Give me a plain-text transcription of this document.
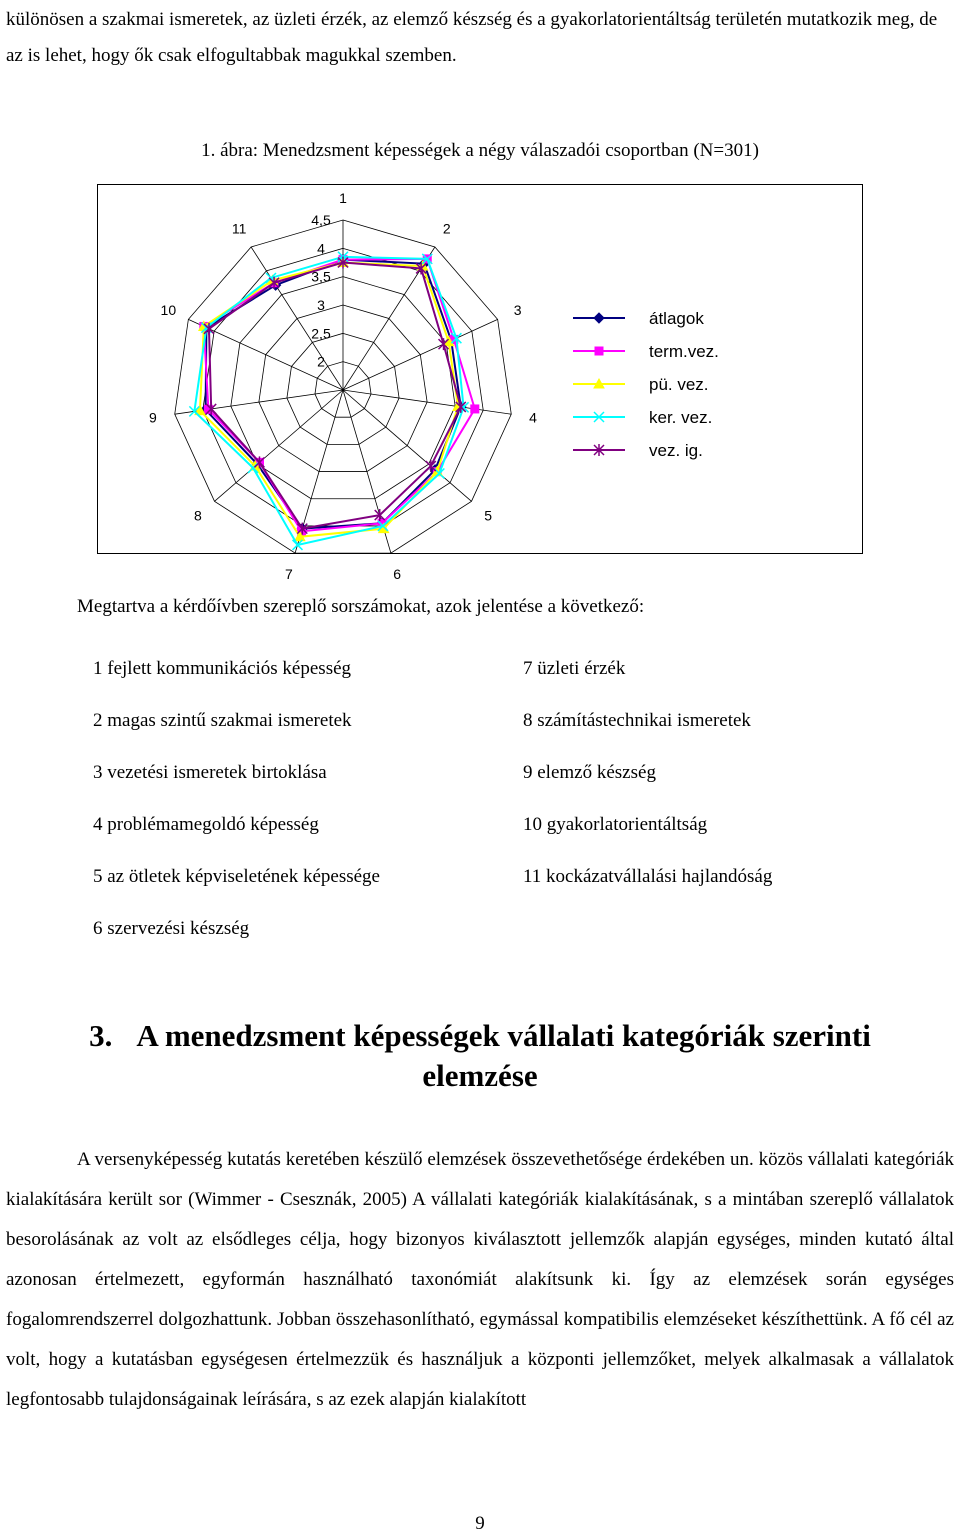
különösen a szakmai ismeretek, az üzleti érzék, az elemző készség és a gyakorlatorientáltság területén mutatkozik meg, de az is lehet, hogy ők csak elfogultabbak magukkal szemben.

1. ábra: Menedzsment képességek a négy válaszadói csoportban (N=301)
2
2,5
3
3,5
4
4,5
1
2
3
4
5
6
7
8
9
10
11
átlagok
term.vez.
pü. vez.
ker. vez.
vez. ig.
Megtartva a kérdőívben szereplő sorszámokat, azok jelentése a következő:
1 fejlett kommunikációs képesség
2 magas szintű szakmai ismeretek
3 vezetési ismeretek birtoklása
4 problémamegoldó képesség
5 az ötletek képviseletének képessége
6 szervezési készség
7 üzleti érzék
8 számítástechnikai ismeretek
9 elemző készség
10 gyakorlatorientáltság
11 kockázatvállalási hajlandóság
3. A menedzsment képességek vállalati kategóriák szerinti
elemzése

A versenyképesség kutatás keretében készülő elemzések összevethetősége érdekében un. közös vállalati kategóriák kialakítására került sor (Wimmer - Csesznák, 2005) A vállalati kategóriák kialakításának, s a mintában szereplő vállalatok besorolásának az volt az elsődleges célja, hogy bizonyos kiválasztott jellemzők alapján egységes, minden kutató által azonosan értelmezett, egyformán használható taxonómiát alakítsunk ki. Így az elemzések során egységes fogalomrendszerrel dolgozhattunk. Jobban összehasonlítható, egymással kompatibilis elemzéseket készíthettünk. A fő cél az volt, hogy a kutatásban egységesen értelmezzük és használjuk a központi jellemzőket, melyek alkalmasak a vállalatok legfontosabb tulajdonságainak leírására, s az ezek alapján kialakított

9
